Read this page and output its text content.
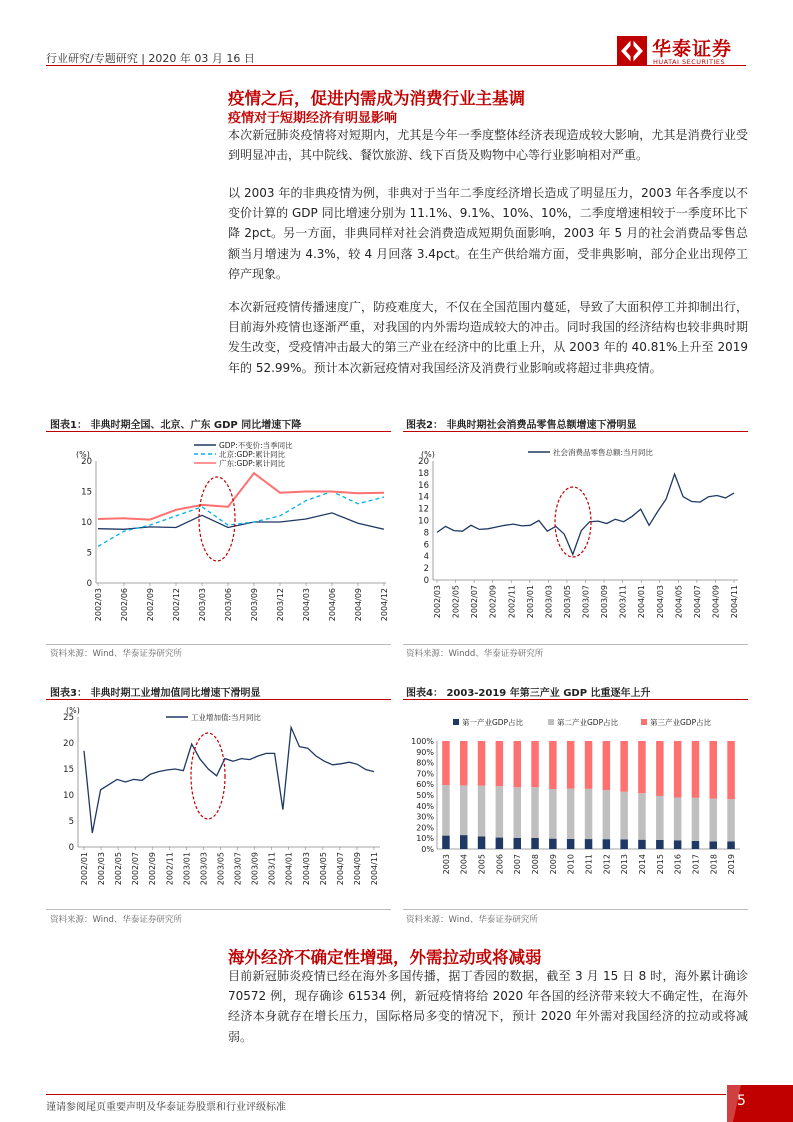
行业研究/专题研究 | 2020 年 03 月 16 日	华泰证券
HUATAI SECURITIES
疫情之后，促进内需成为消费行业主基调
疫情对于短期经济有明显影响
本次新冠肺炎疫情将对短期内，尤其是今年一季度整体经济表现造成较大影响，尤其是消费行业受到明显冲击，其中院线、餐饮旅游、线下百货及购物中心等行业影响相对严重。
以 2003 年的非典疫情为例，非典对于当年二季度经济增长造成了明显压力，2003 年各季度以不变价计算的 GDP 同比增速分别为 11.1%、9.1%、10%、10%，二季度增速相较于一季度环比下降 2pct。另一方面，非典同样对社会消费造成短期负面影响，2003 年 5 月的社会消费品零售总额当月增速为 4.3%，较 4 月回落 3.4pct。在生产供给端方面，受非典影响，部分企业出现停工停产现象。
本次新冠疫情传播速度广，防疫难度大，不仅在全国范围内蔓延，导致了大面积停工并抑制出行，目前海外疫情也逐渐严重，对我国的内外需均造成较大的冲击。同时我国的经济结构也较非典时期发生改变，受疫情冲击最大的第三产业在经济中的比重上升，从 2003 年的 40.81%上升至 2019 年的 52.99%。预计本次新冠疫情对我国经济及消费行业影响或将超过非典疫情。
图表1： 非典时期全国、北京、广东 GDP 同比增速下降
0
5
10
15
20
(%)
2002/03 2002/06 2002/09 2002/12 2003/03 2003/06 2003/09 2003/12 2004/03 2004/06 2004/09 2004/12
GDP:不变价:当季同比
北京:GDP:累计同比
广东:GDP:累计同比
资料来源：Wind、华泰证券研究所
图表2： 非典时期社会消费品零售总额增速下滑明显
0
2
4
6
8
10
12
14
16
18
20
(%)
2002/03 2002/05 2002/07 2002/09 2002/11 2003/01 2003/03 2003/05 2003/07 2003/09 2003/11 2004/01 2004/03 2004/05 2004/07 2004/09 2004/11
社会消费品零售总额:当月同比
资料来源：Windd、华泰证券研究所
图表3： 非典时期工业增加值同比增速下滑明显
0
5
10
15
20
25
(%)
2002/01 2002/03 2002/05 2002/07 2002/09 2002/11 2003/01 2003/03 2003/05 2003/07 2003/09 2003/11 2004/01 2004/03 2004/05 2004/07 2004/09 2004/11
工业增加值:当月同比
资料来源：Wind、华泰证券研究所
图表4： 2003-2019 年第三产业 GDP 比重逐年上升
0%
10%
20%
30%
40%
50%
60%
70%
80%
90%
100%
2003 2004 2005 2006 2007 2008 2009 2010 2011 2012 2013 2014 2015 2016 2017 2018 2019
第一产业GDP占比	第二产业GDP占比	第三产业GDP占比
资料来源：Wind、华泰证券研究所
海外经济不确定性增强，外需拉动或将减弱
目前新冠肺炎疫情已经在海外多国传播，据丁香园的数据，截至 3 月 15 日 8 时，海外累计确诊 70572 例，现存确诊 61534 例，新冠疫情将给 2020 年各国的经济带来较大不确定性，在海外经济本身就存在增长压力，国际格局多变的情况下，预计 2020 年外需对我国经济的拉动或将减弱。
谨请参阅尾页重要声明及华泰证券股票和行业评级标准	5
